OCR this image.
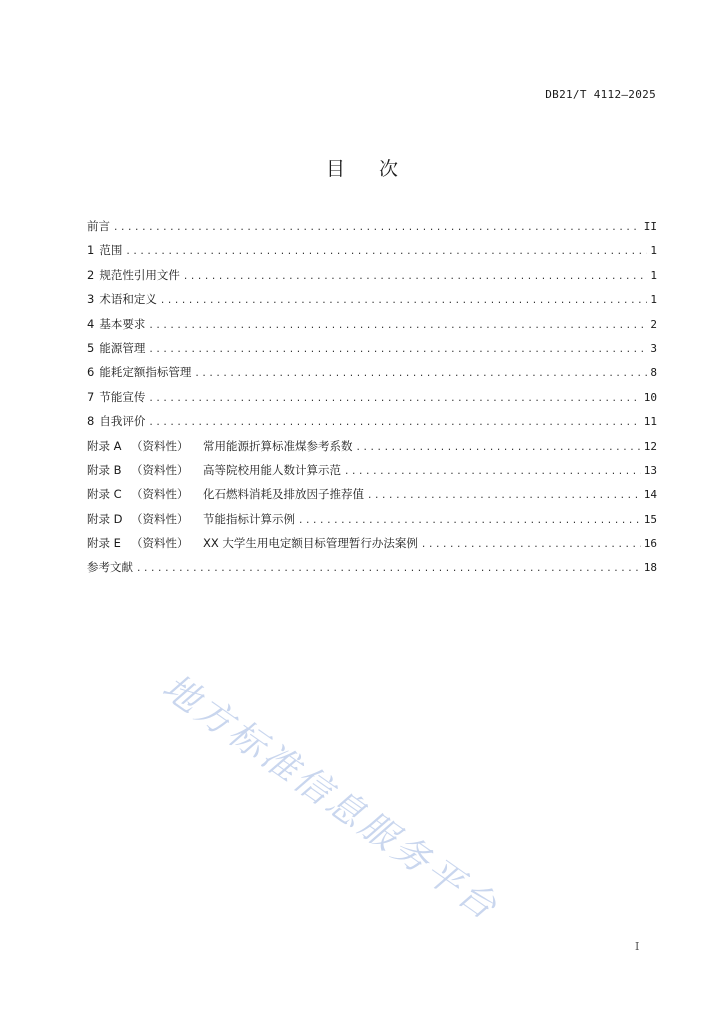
DB21/T 4112—2025
目 次
前言 .....	II
1 范围 .....	1
2 规范性引用文件 .....	1
3 术语和定义 .....	1
4 基本要求 .....	2
5 能源管理 .....	3
6 能耗定额指标管理 .....	8
7 节能宣传 .....	10
8 自我评价 .....	11
附录 A （资料性）	常用能源折算标准煤参考系数 .....	12
附录 B （资料性）	高等院校用能人数计算示范 .....	13
附录 C （资料性）	化石燃料消耗及排放因子推荐值 .....	14
附录 D （资料性）	节能指标计算示例 .....	15
附录 E （资料性）	XX 大学生用电定额目标管理暂行办法案例 .....	16
参考文献 .....	18
地方标准信息服务平台
I
